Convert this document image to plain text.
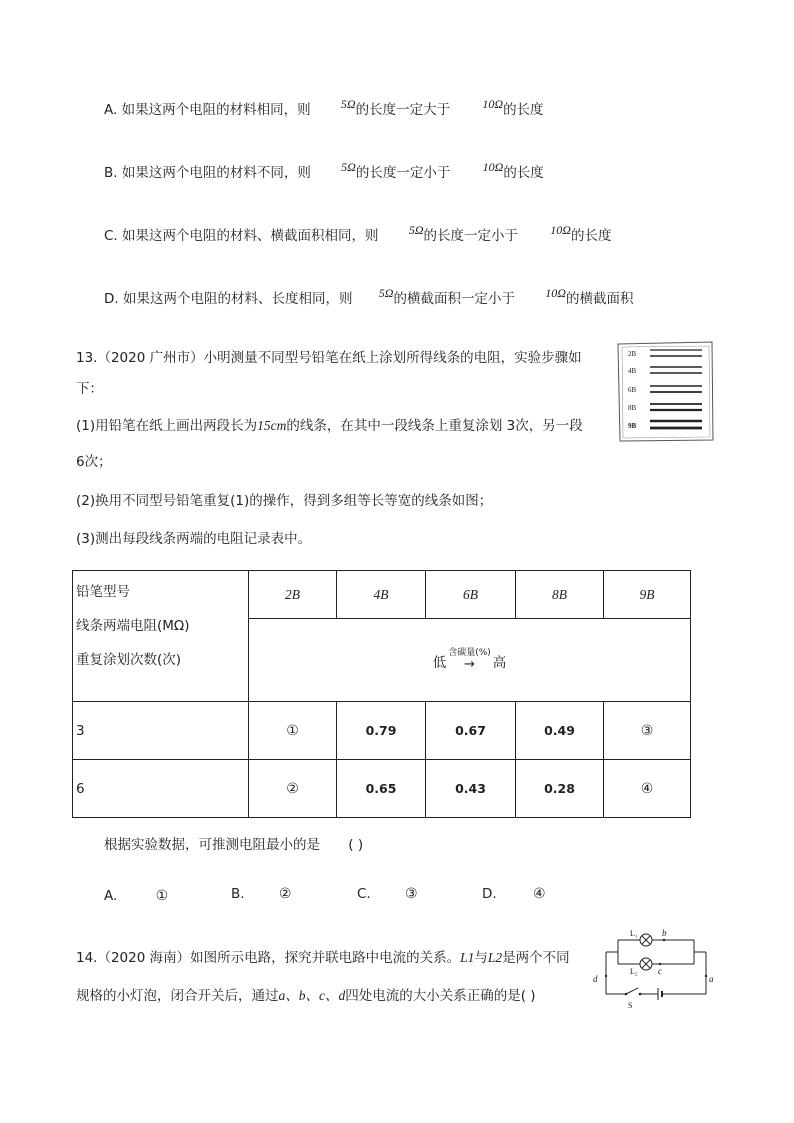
A. 如果这两个电阻的材料相同，则	5Ω的长度一定大于	10Ω的长度
B. 如果这两个电阻的材料不同，则	5Ω的长度一定小于	10Ω的长度
C. 如果这两个电阻的材料、横截面积相同，则	5Ω的长度一定小于	10Ω的长度
D. 如果这两个电阻的材料、长度相同，则 5Ω的横截面积一定小于	10Ω的横截面积
13.（2020 广州市）小明测量不同型号铅笔在纸上涂划所得线条的电阻，实验步骤如
下：
(1)用铅笔在纸上画出两段长为15cm的线条，在其中一段线条上重复涂划 3次，另一段
6次；
(2)换用不同型号铅笔重复(1)的操作，得到多组等长等宽的线条如图；
(3)测出每段线条两端的电阻记录表中。
2B
4B
6B
8B
9B
铅笔型号
线条两端电阻(MΩ)
重复涂划次数(次)	2B	4B	6B	8B	9B

	低
含碳量(%)
→ 高				

3	①	0.79	0.67	0.49	③
6	②	0.65	0.43	0.28	④
根据实验数据，可推测电阻最小的是 ( )
A.	①	B. ②	C. ③	D.	④
14.（2020 海南）如图所示电路，探究并联电路中电流的关系。L1与L2是两个不同
规格的小灯泡，闭合开关后，通过a、b、c、d四处电流的大小关系正确的是( )
L₁
L₂
b
c
d	a
S
